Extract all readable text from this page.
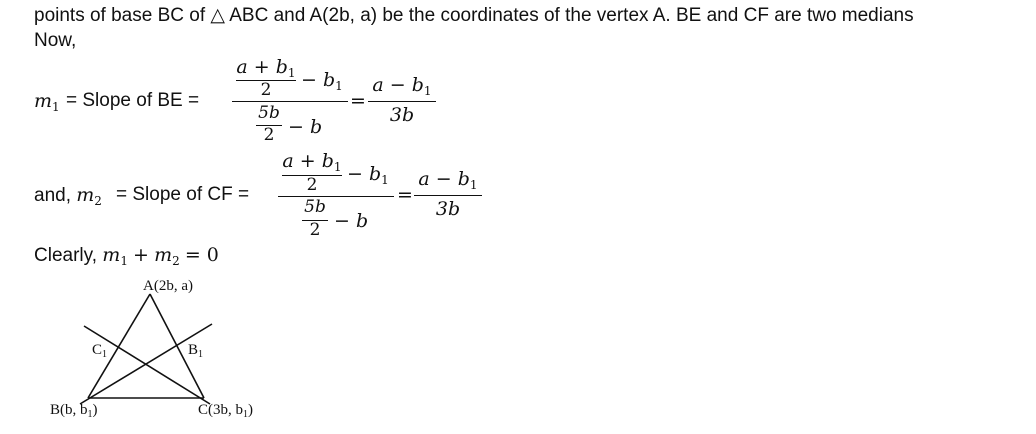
points of base BC of △ ABC and A(2b, a) be the coordinates of the vertex A. BE and CF are two medians
Now,
$m_1$ = Slope of BE =
$a + b_1$
2	− $b_1$
5b
2 − b
=
$a - b_1$
3b
and, $m_2$ = Slope of CF =
$a + b_1$
2	− $b_1$
5b
2 − b
=
$a - b_1$
3b
Clearly, $m_1 + m_2 = 0$
A(2b, a)
B(b, $b_1$)	C(3b, $b_1$)
$C_1$	$B_1$
